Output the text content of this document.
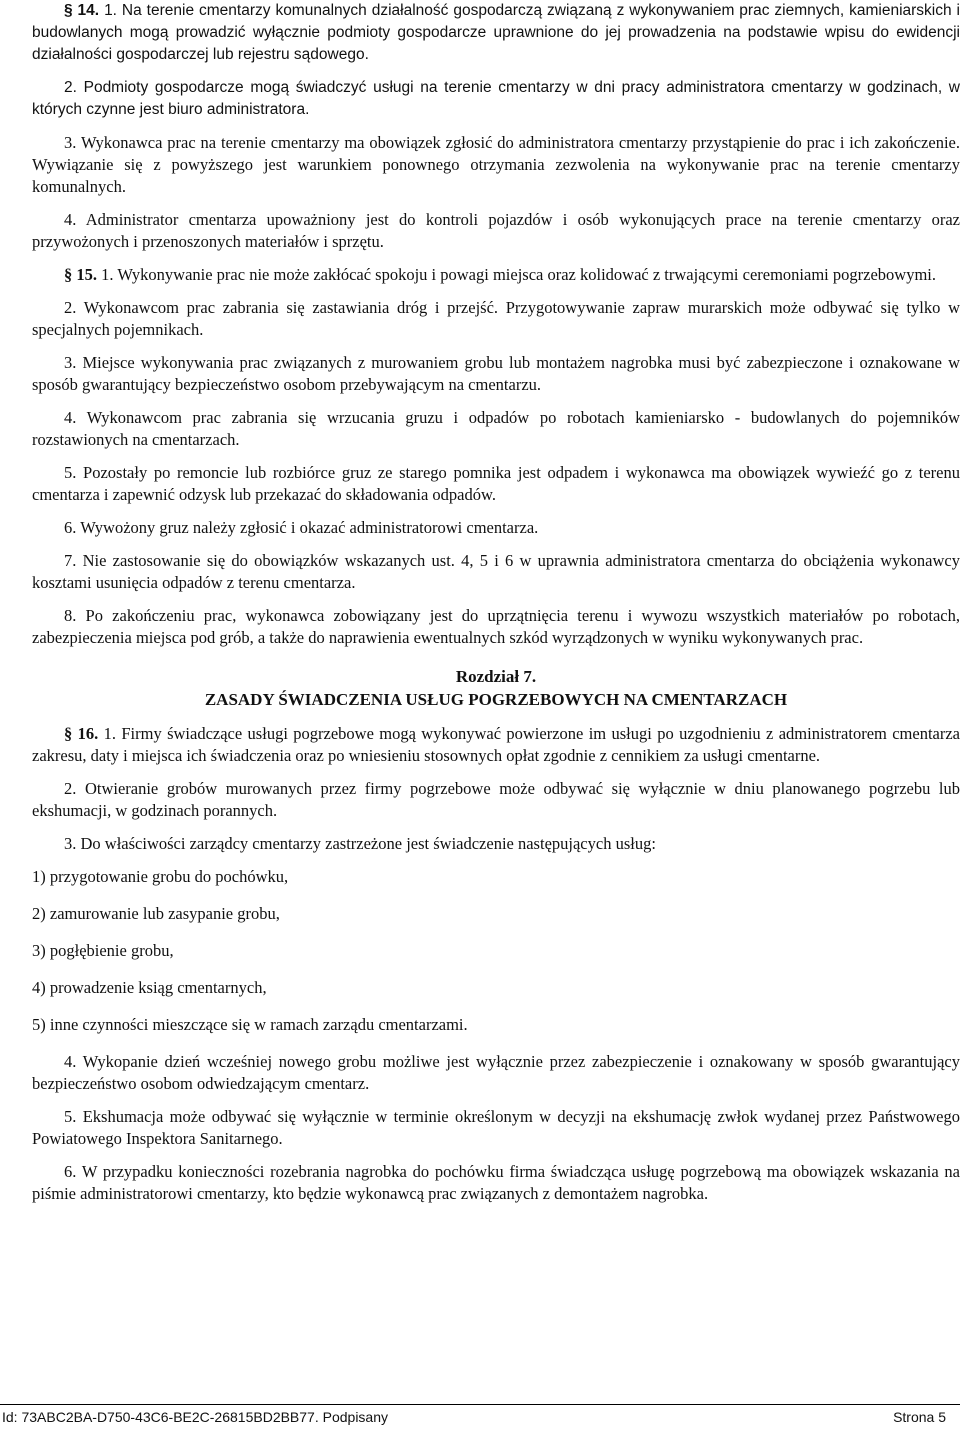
§ 14. 1. Na terenie cmentarzy komunalnych działalność gospodarczą związaną z wykonywaniem prac ziemnych, kamieniarskich i budowlanych mogą prowadzić wyłącznie podmioty gospodarcze uprawnione do jej prowadzenia na podstawie wpisu do ewidencji działalności gospodarczej lub rejestru sądowego.

2. Podmioty gospodarcze mogą świadczyć usługi na terenie cmentarzy w dni pracy administratora cmentarzy w godzinach, w których czynne jest biuro administratora.

3. Wykonawca prac na terenie cmentarzy ma obowiązek zgłosić do administratora cmentarzy przystąpienie do prac i ich zakończenie. Wywiązanie się z powyższego jest warunkiem ponownego otrzymania zezwolenia na wykonywanie prac na terenie cmentarzy komunalnych.

4. Administrator cmentarza upoważniony jest do kontroli pojazdów i osób wykonujących prace na terenie cmentarzy oraz przywożonych i przenoszonych materiałów i sprzętu.

§ 15. 1. Wykonywanie prac nie może zakłócać spokoju i powagi miejsca oraz kolidować z trwającymi ceremoniami pogrzebowymi.

2. Wykonawcom prac zabrania się zastawiania dróg i przejść. Przygotowywanie zapraw murarskich może odbywać się tylko w specjalnych pojemnikach.

3. Miejsce wykonywania prac związanych z murowaniem grobu lub montażem nagrobka musi być zabezpieczone i oznakowane w sposób gwarantujący bezpieczeństwo osobom przebywającym na cmentarzu.

4. Wykonawcom prac zabrania się wrzucania gruzu i odpadów po robotach kamieniarsko - budowlanych do pojemników rozstawionych na cmentarzach.

5. Pozostały po remoncie lub rozbiórce gruz ze starego pomnika jest odpadem i wykonawca ma obowiązek wywieźć go z terenu cmentarza i zapewnić odzysk lub przekazać do składowania odpadów.

6. Wywożony gruz należy zgłosić i okazać administratorowi cmentarza.

7. Nie zastosowanie się do obowiązków wskazanych ust. 4, 5 i 6 w uprawnia administratora cmentarza do obciążenia wykonawcy kosztami usunięcia odpadów z terenu cmentarza.

8. Po zakończeniu prac, wykonawca zobowiązany jest do uprzątnięcia terenu i wywozu wszystkich materiałów po robotach, zabezpieczenia miejsca pod grób, a także do naprawienia ewentualnych szkód wyrządzonych w wyniku wykonywanych prac.

Rozdział 7.
ZASADY ŚWIADCZENIA USŁUG POGRZEBOWYCH NA CMENTARZACH

§ 16. 1. Firmy świadczące usługi pogrzebowe mogą wykonywać powierzone im usługi po uzgodnieniu z administratorem cmentarza zakresu, daty i miejsca ich świadczenia oraz po wniesieniu stosownych opłat zgodnie z cennikiem za usługi cmentarne.

2. Otwieranie grobów murowanych przez firmy pogrzebowe może odbywać się wyłącznie w dniu planowanego pogrzebu lub ekshumacji, w godzinach porannych.

3. Do właściwości zarządcy cmentarzy zastrzeżone jest świadczenie następujących usług:

1) przygotowanie grobu do pochówku,

2) zamurowanie lub zasypanie grobu,

3) pogłębienie grobu,

4) prowadzenie ksiąg cmentarnych,

5) inne czynności mieszczące się w ramach zarządu cmentarzami.

4. Wykopanie dzień wcześniej nowego grobu możliwe jest wyłącznie przez zabezpieczenie i oznakowany w sposób gwarantujący bezpieczeństwo osobom odwiedzającym cmentarz.

5. Ekshumacja może odbywać się wyłącznie w terminie określonym w decyzji na ekshumację zwłok wydanej przez Państwowego Powiatowego Inspektora Sanitarnego.

6. W przypadku konieczności rozebrania nagrobka do pochówku firma świadcząca usługę pogrzebową ma obowiązek wskazania na piśmie administratorowi cmentarzy, kto będzie wykonawcą prac związanych z demontażem nagrobka.

Id: 73ABC2BA-D750-43C6-BE2C-26815BD2BB77. Podpisany	Strona 5
